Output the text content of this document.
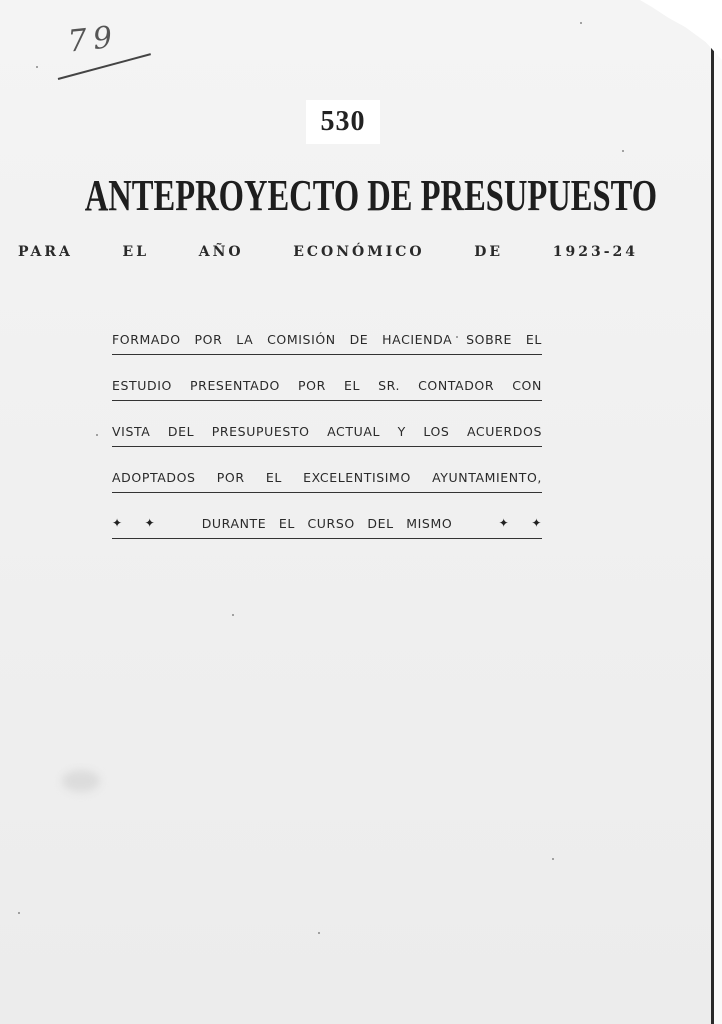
79
530
ANTEPROYECTO DE PRESUPUESTO
PARA	EL	AÑO	ECONÓMICO	DE	1923-24
FORMADO POR LA COMISIÓN DE HACIENDA SOBRE EL
ESTUDIO PRESENTADO POR EL SR. CONTADOR CON
VISTA DEL PRESUPUESTO ACTUAL Y LOS ACUERDOS
ADOPTADOS POR EL EXCELENTISIMO AYUNTAMIENTO,
✦ ✦	DURANTE EL CURSO DEL MISMO	✦ ✦
